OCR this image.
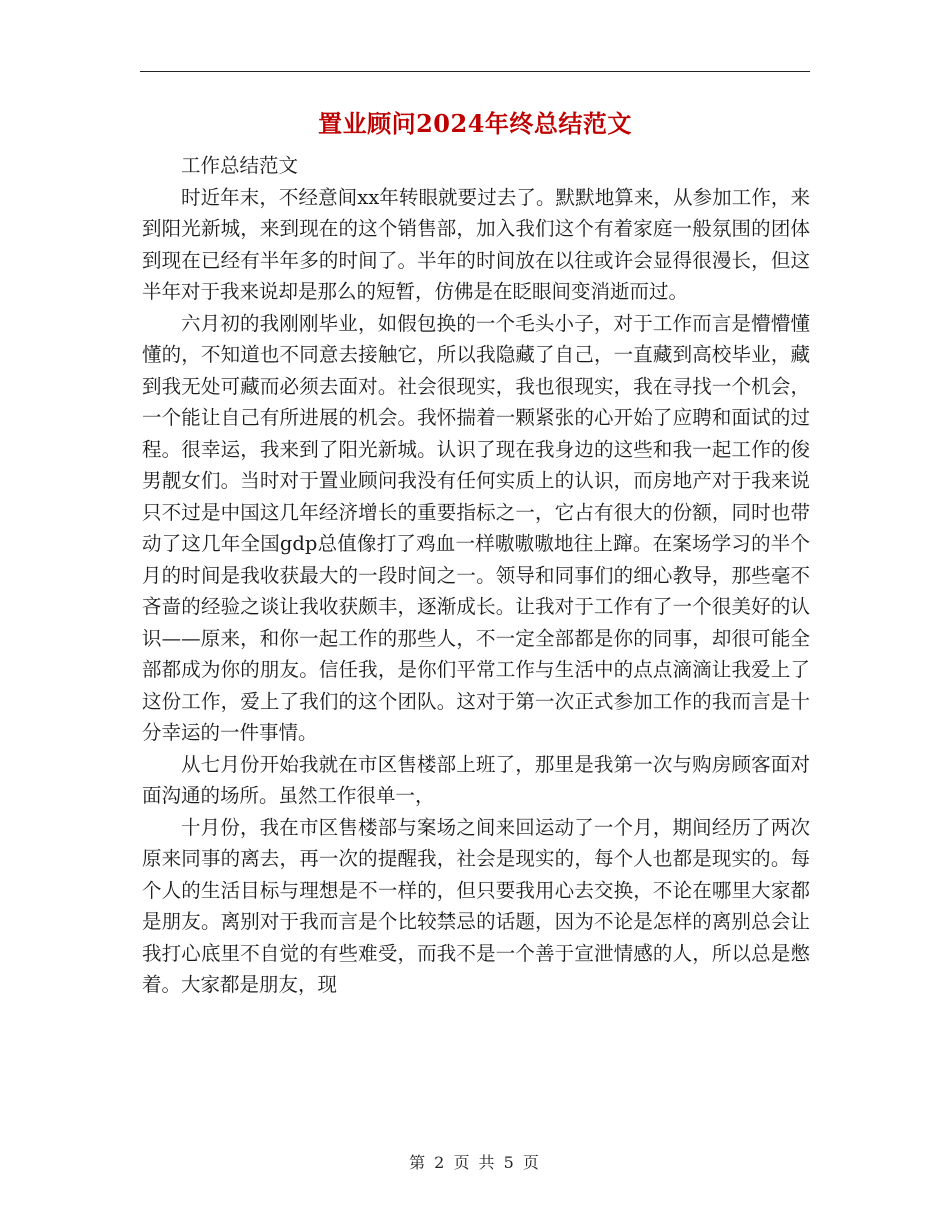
置业顾问2024年终总结范文

工作总结范文

时近年末，不经意间xx年转眼就要过去了。默默地算来，从参加工作，来到阳光新城，来到现在的这个销售部，加入我们这个有着家庭一般氛围的团体到现在已经有半年多的时间了。半年的时间放在以往或许会显得很漫长，但这半年对于我来说却是那么的短暂，仿佛是在眨眼间变消逝而过。

六月初的我刚刚毕业，如假包换的一个毛头小子，对于工作而言是懵懵懂懂的，不知道也不同意去接触它，所以我隐藏了自己，一直藏到高校毕业，藏到我无处可藏而必须去面对。社会很现实，我也很现实，我在寻找一个机会，一个能让自己有所进展的机会。我怀揣着一颗紧张的心开始了应聘和面试的过程。很幸运，我来到了阳光新城。认识了现在我身边的这些和我一起工作的俊男靓女们。当时对于置业顾问我没有任何实质上的认识，而房地产对于我来说只不过是中国这几年经济增长的重要指标之一，它占有很大的份额，同时也带动了这几年全国gdp总值像打了鸡血一样嗷嗷嗷地往上蹿。在案场学习的半个月的时间是我收获最大的一段时间之一。领导和同事们的细心教导，那些毫不吝啬的经验之谈让我收获颇丰，逐渐成长。让我对于工作有了一个很美好的认识——原来，和你一起工作的那些人，不一定全部都是你的同事，却很可能全部都成为你的朋友。信任我，是你们平常工作与生活中的点点滴滴让我爱上了这份工作，爱上了我们的这个团队。这对于第一次正式参加工作的我而言是十分幸运的一件事情。

从七月份开始我就在市区售楼部上班了，那里是我第一次与购房顾客面对面沟通的场所。虽然工作很单一，

十月份，我在市区售楼部与案场之间来回运动了一个月，期间经历了两次原来同事的离去，再一次的提醒我，社会是现实的，每个人也都是现实的。每个人的生活目标与理想是不一样的，但只要我用心去交换，不论在哪里大家都是朋友。离别对于我而言是个比较禁忌的话题，因为不论是怎样的离别总会让我打心底里不自觉的有些难受，而我不是一个善于宣泄情感的人，所以总是憋着。大家都是朋友，现

第 2 页 共 5 页
